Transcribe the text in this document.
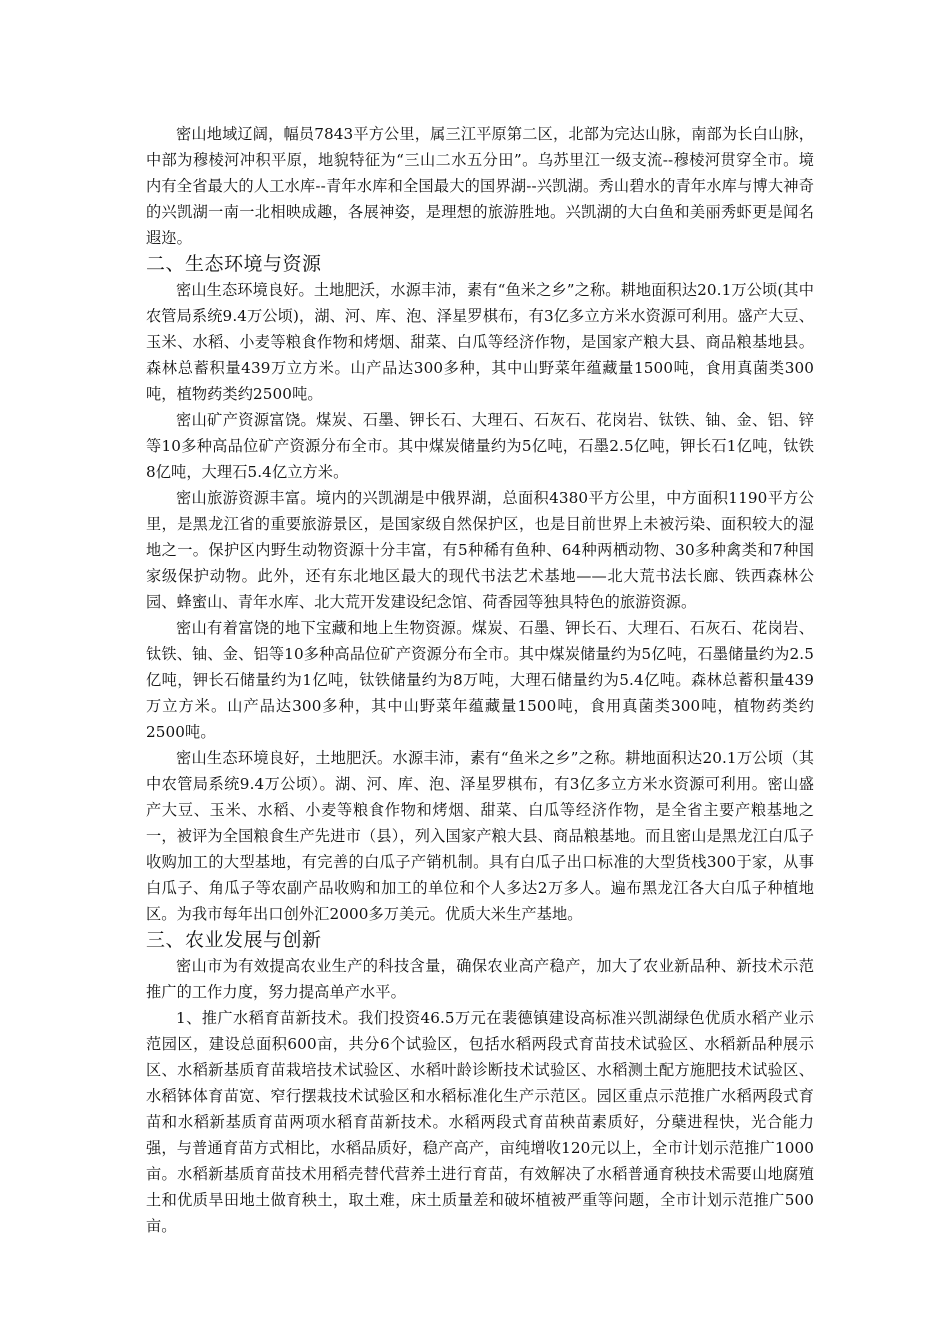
密山地域辽阔，幅员7843平方公里，属三江平原第二区，北部为完达山脉，南部为长白山脉，中部为穆棱河冲积平原，地貌特征为“三山二水五分田”。乌苏里江一级支流--穆棱河贯穿全市。境内有全省最大的人工水库--青年水库和全国最大的国界湖--兴凯湖。秀山碧水的青年水库与博大神奇的兴凯湖一南一北相映成趣，各展神姿，是理想的旅游胜地。兴凯湖的大白鱼和美丽秀虾更是闻名遐迩。

二、生态环境与资源

密山生态环境良好。土地肥沃，水源丰沛，素有“鱼米之乡”之称。耕地面积达20.1万公顷(其中农管局系统9.4万公顷)，湖、河、库、泡、泽星罗棋布，有3亿多立方米水资源可利用。盛产大豆、玉米、水稻、小麦等粮食作物和烤烟、甜菜、白瓜等经济作物，是国家产粮大县、商品粮基地县。森林总蓄积量439万立方米。山产品达300多种，其中山野菜年蕴藏量1500吨，食用真菌类300吨，植物药类约2500吨。

密山矿产资源富饶。煤炭、石墨、钾长石、大理石、石灰石、花岗岩、钛铁、铀、金、铝、锌等10多种高品位矿产资源分布全市。其中煤炭储量约为5亿吨，石墨2.5亿吨，钾长石1亿吨，钛铁8亿吨，大理石5.4亿立方米。

密山旅游资源丰富。境内的兴凯湖是中俄界湖，总面积4380平方公里，中方面积1190平方公里，是黑龙江省的重要旅游景区，是国家级自然保护区，也是目前世界上未被污染、面积较大的湿地之一。保护区内野生动物资源十分丰富，有5种稀有鱼种、64种两栖动物、30多种禽类和7种国家级保护动物。此外，还有东北地区最大的现代书法艺术基地——北大荒书法长廊、铁西森林公园、蜂蜜山、青年水库、北大荒开发建设纪念馆、荷香园等独具特色的旅游资源。

密山有着富饶的地下宝藏和地上生物资源。煤炭、石墨、钾长石、大理石、石灰石、花岗岩、钛铁、铀、金、铝等10多种高品位矿产资源分布全市。其中煤炭储量约为5亿吨，石墨储量约为2.5亿吨，钾长石储量约为1亿吨，钛铁储量约为8万吨，大理石储量约为5.4亿吨。森林总蓄积量439万立方米。山产品达300多种，其中山野菜年蕴藏量1500吨，食用真菌类300吨，植物药类约2500吨。

密山生态环境良好，土地肥沃。水源丰沛，素有“鱼米之乡”之称。耕地面积达20.1万公顷（其中农管局系统9.4万公顷）。湖、河、库、泡、泽星罗棋布，有3亿多立方米水资源可利用。密山盛产大豆、玉米、水稻、小麦等粮食作物和烤烟、甜菜、白瓜等经济作物，是全省主要产粮基地之一，被评为全国粮食生产先进市（县），列入国家产粮大县、商品粮基地。而且密山是黑龙江白瓜子收购加工的大型基地，有完善的白瓜子产销机制。具有白瓜子出口标准的大型货栈300于家，从事白瓜子、角瓜子等农副产品收购和加工的单位和个人多达2万多人。遍布黑龙江各大白瓜子种植地区。为我市每年出口创外汇2000多万美元。优质大米生产基地。

三、农业发展与创新

密山市为有效提高农业生产的科技含量，确保农业高产稳产，加大了农业新品种、新技术示范推广的工作力度，努力提高单产水平。

1、推广水稻育苗新技术。我们投资46.5万元在裴德镇建设高标准兴凯湖绿色优质水稻产业示范园区，建设总面积600亩，共分6个试验区，包括水稻两段式育苗技术试验区、水稻新品种展示区、水稻新基质育苗栽培技术试验区、水稻叶龄诊断技术试验区、水稻测土配方施肥技术试验区、水稻钵体育苗宽、窄行摆栽技术试验区和水稻标准化生产示范区。园区重点示范推广水稻两段式育苗和水稻新基质育苗两项水稻育苗新技术。水稻两段式育苗秧苗素质好，分蘖进程快，光合能力强，与普通育苗方式相比，水稻品质好，稳产高产，亩纯增收120元以上，全市计划示范推广1000亩。水稻新基质育苗技术用稻壳替代营养土进行育苗，有效解决了水稻普通育秧技术需要山地腐殖土和优质旱田地土做育秧土，取土难，床土质量差和破坏植被严重等问题，全市计划示范推广500亩。
